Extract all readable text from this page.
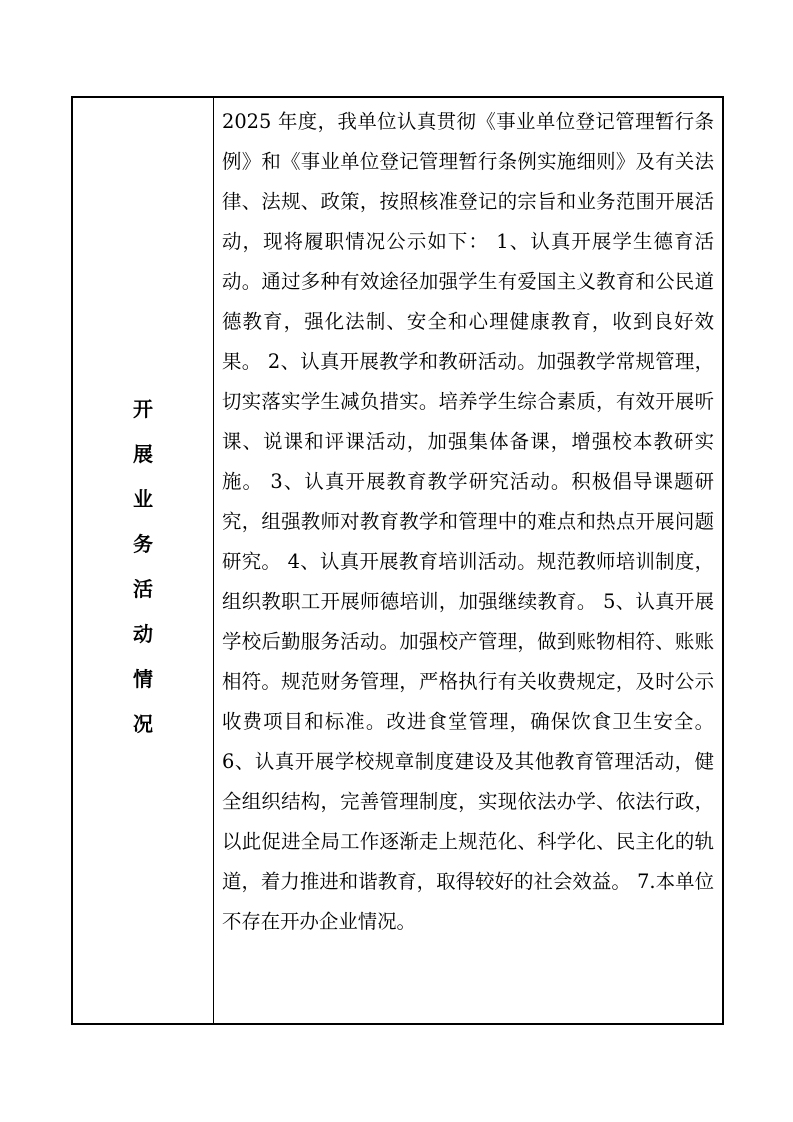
开展业务活动情况

2025 年度，我单位认真贯彻《事业单位登记管理暂行条例》和《事业单位登记管理暂行条例实施细则》及有关法律、法规、政策，按照核准登记的宗旨和业务范围开展活动，现将履职情况公示如下： 1、认真开展学生德育活动。通过多种有效途径加强学生有爱国主义教育和公民道德教育，强化法制、安全和心理健康教育，收到良好效果。 2、认真开展教学和教研活动。加强教学常规管理，切实落实学生减负措实。培养学生综合素质，有效开展听课、说课和评课活动，加强集体备课，增强校本教研实施。 3、认真开展教育教学研究活动。积极倡导课题研究，组强教师对教育教学和管理中的难点和热点开展问题研究。 4、认真开展教育培训活动。规范教师培训制度，组织教职工开展师德培训，加强继续教育。 5、认真开展学校后勤服务活动。加强校产管理，做到账物相符、账账相符。规范财务管理，严格执行有关收费规定，及时公示收费项目和标准。改进食堂管理，确保饮食卫生安全。 6、认真开展学校规章制度建设及其他教育管理活动，健全组织结构，完善管理制度，实现依法办学、依法行政，以此促进全局工作逐渐走上规范化、科学化、民主化的轨道，着力推进和谐教育，取得较好的社会效益。 7.本单位不存在开办企业情况。
